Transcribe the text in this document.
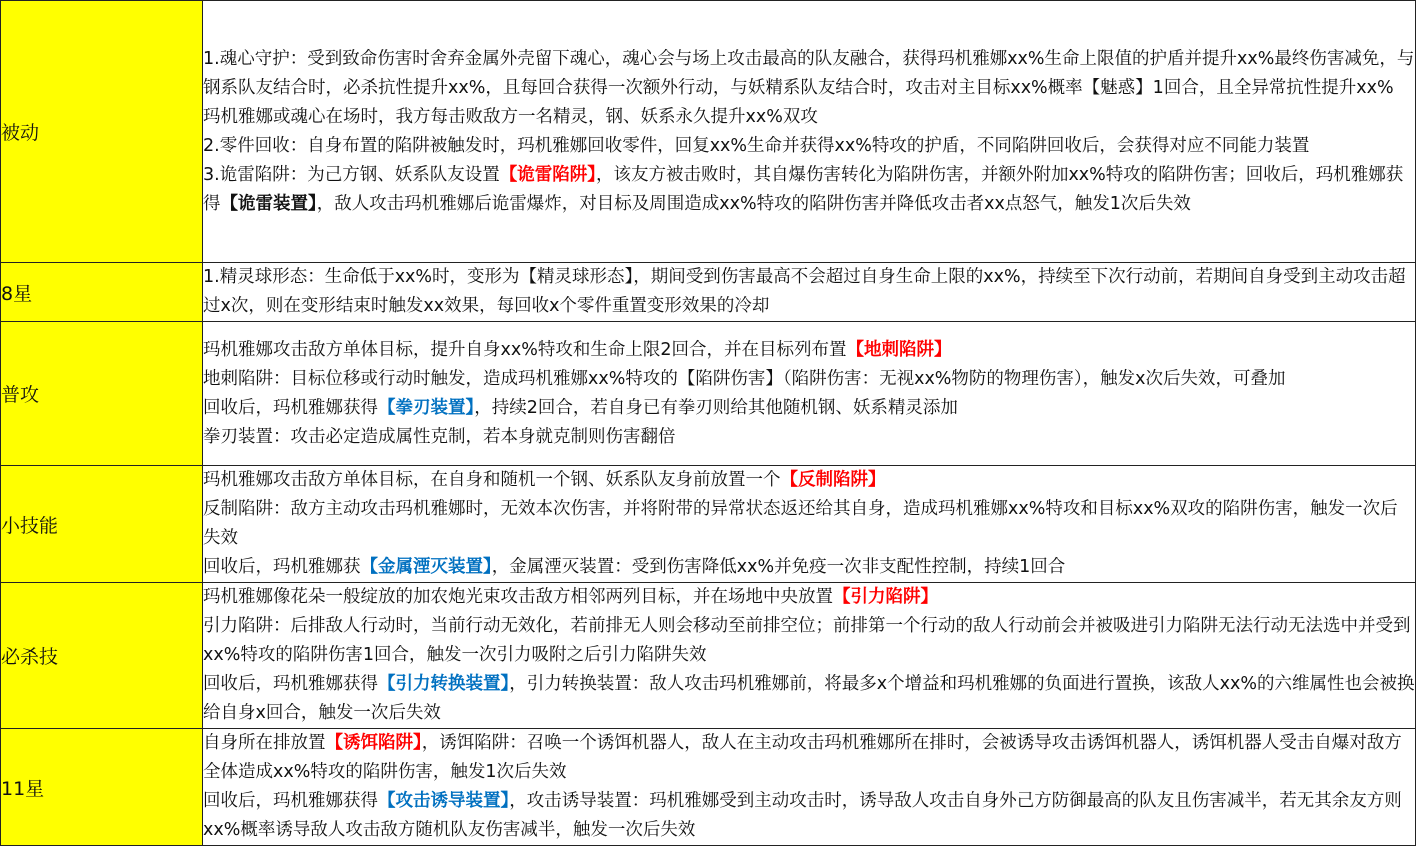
被动	1.魂心守护：受到致命伤害时舍弃金属外壳留下魂心，魂心会与场上攻击最高的队友融合，获得玛机雅娜xx%生命上限值的护盾并提升xx%最终伤害减免，与钢系队友结合时，必杀抗性提升xx%，且每回合获得一次额外行动，与妖精系队友结合时，攻击对主目标xx%概率【魅惑】1回合，且全异常抗性提升xx%
玛机雅娜或魂心在场时，我方每击败敌方一名精灵，钢、妖系永久提升xx%双攻
2.零件回收：自身布置的陷阱被触发时，玛机雅娜回收零件，回复xx%生命并获得xx%特攻的护盾，不同陷阱回收后，会获得对应不同能力装置
3.诡雷陷阱：为己方钢、妖系队友设置【诡雷陷阱】，该友方被击败时，其自爆伤害转化为陷阱伤害，并额外附加xx%特攻的陷阱伤害；回收后，玛机雅娜获得【诡雷装置】，敌人攻击玛机雅娜后诡雷爆炸，对目标及周围造成xx%特攻的陷阱伤害并降低攻击者xx点怒气，触发1次后失效

8星	1.精灵球形态：生命低于xx%时，变形为【精灵球形态】，期间受到伤害最高不会超过自身生命上限的xx%，持续至下次行动前，若期间自身受到主动攻击超过x次，则在变形结束时触发xx效果，每回收x个零件重置变形效果的冷却

普攻	玛机雅娜攻击敌方单体目标，提升自身xx%特攻和生命上限2回合，并在目标列布置【地刺陷阱】
地刺陷阱：目标位移或行动时触发，造成玛机雅娜xx%特攻的【陷阱伤害】（陷阱伤害：无视xx%物防的物理伤害），触发x次后失效，可叠加
回收后，玛机雅娜获得【拳刃装置】，持续2回合，若自身已有拳刃则给其他随机钢、妖系精灵添加
拳刃装置：攻击必定造成属性克制，若本身就克制则伤害翻倍

小技能	玛机雅娜攻击敌方单体目标，在自身和随机一个钢、妖系队友身前放置一个【反制陷阱】
反制陷阱：敌方主动攻击玛机雅娜时，无效本次伤害，并将附带的异常状态返还给其自身，造成玛机雅娜xx%特攻和目标xx%双攻的陷阱伤害，触发一次后失效
回收后，玛机雅娜获【金属湮灭装置】，金属湮灭装置：受到伤害降低xx%并免疫一次非支配性控制，持续1回合

必杀技	玛机雅娜像花朵一般绽放的加农炮光束攻击敌方相邻两列目标，并在场地中央放置【引力陷阱】
引力陷阱：后排敌人行动时，当前行动无效化，若前排无人则会移动至前排空位；前排第一个行动的敌人行动前会并被吸进引力陷阱无法行动无法选中并受到xx%特攻的陷阱伤害1回合，触发一次引力吸附之后引力陷阱失效
回收后，玛机雅娜获得【引力转换装置】，引力转换装置：敌人攻击玛机雅娜前，将最多x个增益和玛机雅娜的负面进行置换，该敌人xx%的六维属性也会被换给自身x回合，触发一次后失效

11星	自身所在排放置【诱饵陷阱】，诱饵陷阱：召唤一个诱饵机器人，敌人在主动攻击玛机雅娜所在排时，会被诱导攻击诱饵机器人，诱饵机器人受击自爆对敌方全体造成xx%特攻的陷阱伤害，触发1次后失效
回收后，玛机雅娜获得【攻击诱导装置】，攻击诱导装置：玛机雅娜受到主动攻击时，诱导敌人攻击自身外己方防御最高的队友且伤害减半，若无其余友方则xx%概率诱导敌人攻击敌方随机队友伤害减半，触发一次后失效
